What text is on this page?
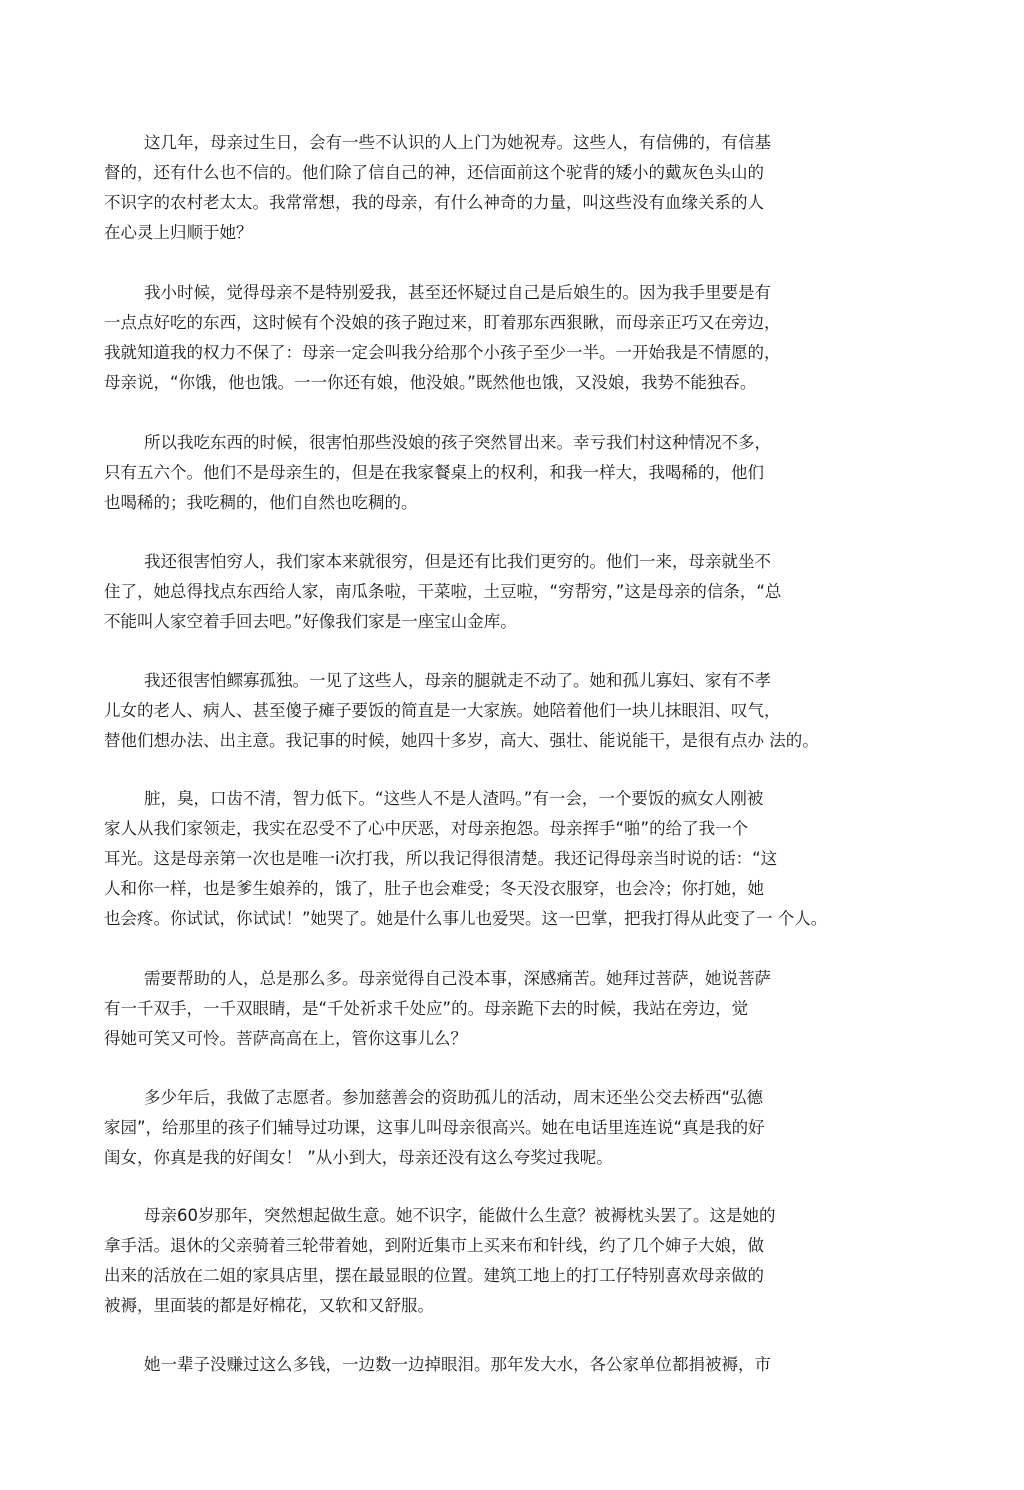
这几年，母亲过生日，会有一些不认识的人上门为她祝寿。这些人，有信佛的，有信基
督的，还有什么也不信的。他们除了信自己的神，还信面前这个驼背的矮小的戴灰色头山的
不识字的农村老太太。我常常想，我的母亲，有什么神奇的力量，叫这些没有血缘关系的人
在心灵上归顺于她？
我小时候，觉得母亲不是特别爱我，甚至还怀疑过自己是后娘生的。因为我手里要是有
一点点好吃的东西，这时候有个没娘的孩子跑过来，盯着那东西狠瞅，而母亲正巧又在旁边，
我就知道我的权力不保了：母亲一定会叫我分给那个小孩子至少一半。一开始我是不情愿的，
母亲说，“你饿，他也饿。一一你还有娘，他没娘。”既然他也饿，又没娘，我势不能独吞。
所以我吃东西的时候，很害怕那些没娘的孩子突然冒出来。幸亏我们村这种情况不多，
只有五六个。他们不是母亲生的，但是在我家餐桌上的权利，和我一样大，我喝稀的，他们
也喝稀的；我吃稠的，他们自然也吃稠的。
我还很害怕穷人，我们家本来就很穷，但是还有比我们更穷的。他们一来，母亲就坐不
住了，她总得找点东西给人家，南瓜条啦，干菜啦，土豆啦，“穷帮穷，”这是母亲的信条，“总
不能叫人家空着手回去吧。”好像我们家是一座宝山金库。
我还很害怕鳏寡孤独。一见了这些人，母亲的腿就走不动了。她和孤儿寡妇、家有不孝
儿女的老人、病人、甚至傻子瘫子要饭的简直是一大家族。她陪着他们一块儿抹眼泪、叹气，
替他们想办法、出主意。我记事的时候，她四十多岁，高大、强壮、能说能干，是很有点办 法的。
脏，臭，口齿不清，智力低下。“这些人不是人渣吗。”有一会，一个要饭的疯女人刚被
家人从我们家领走，我实在忍受不了心中厌恶，对母亲抱怨。母亲挥手“啪”的给了我一个
耳光。这是母亲第一次也是唯一i次打我，所以我记得很清楚。我还记得母亲当时说的话：“这
人和你一样，也是爹生娘养的，饿了，肚子也会难受；冬天没衣服穿，也会冷；你打她，她
也会疼。你试试，你试试！”她哭了。她是什么事儿也爱哭。这一巴掌，把我打得从此变了一 个人。
需要帮助的人，总是那么多。母亲觉得自己没本事，深感痛苦。她拜过菩萨，她说菩萨
有一千双手，一千双眼睛，是“千处祈求千处应”的。母亲跪下去的时候，我站在旁边，觉
得她可笑又可怜。菩萨高高在上，管你这事儿么？
多少年后，我做了志愿者。参加慈善会的资助孤儿的活动，周末还坐公交去桥西“弘德
家园”，给那里的孩子们辅导过功课，这事儿叫母亲很高兴。她在电话里连连说“真是我的好
闺女，你真是我的好闺女！ ”从小到大，母亲还没有这么夸奖过我呢。
母亲60岁那年，突然想起做生意。她不识字，能做什么生意？被褥枕头罢了。这是她的
拿手活。退休的父亲骑着三轮带着她，到附近集市上买来布和针线，约了几个婶子大娘，做
出来的活放在二姐的家具店里，摆在最显眼的位置。建筑工地上的打工仔特别喜欢母亲做的
被褥，里面装的都是好棉花，又软和又舒服。
她一辈子没赚过这么多钱，一边数一边掉眼泪。那年发大水，各公家单位都捐被褥，市
